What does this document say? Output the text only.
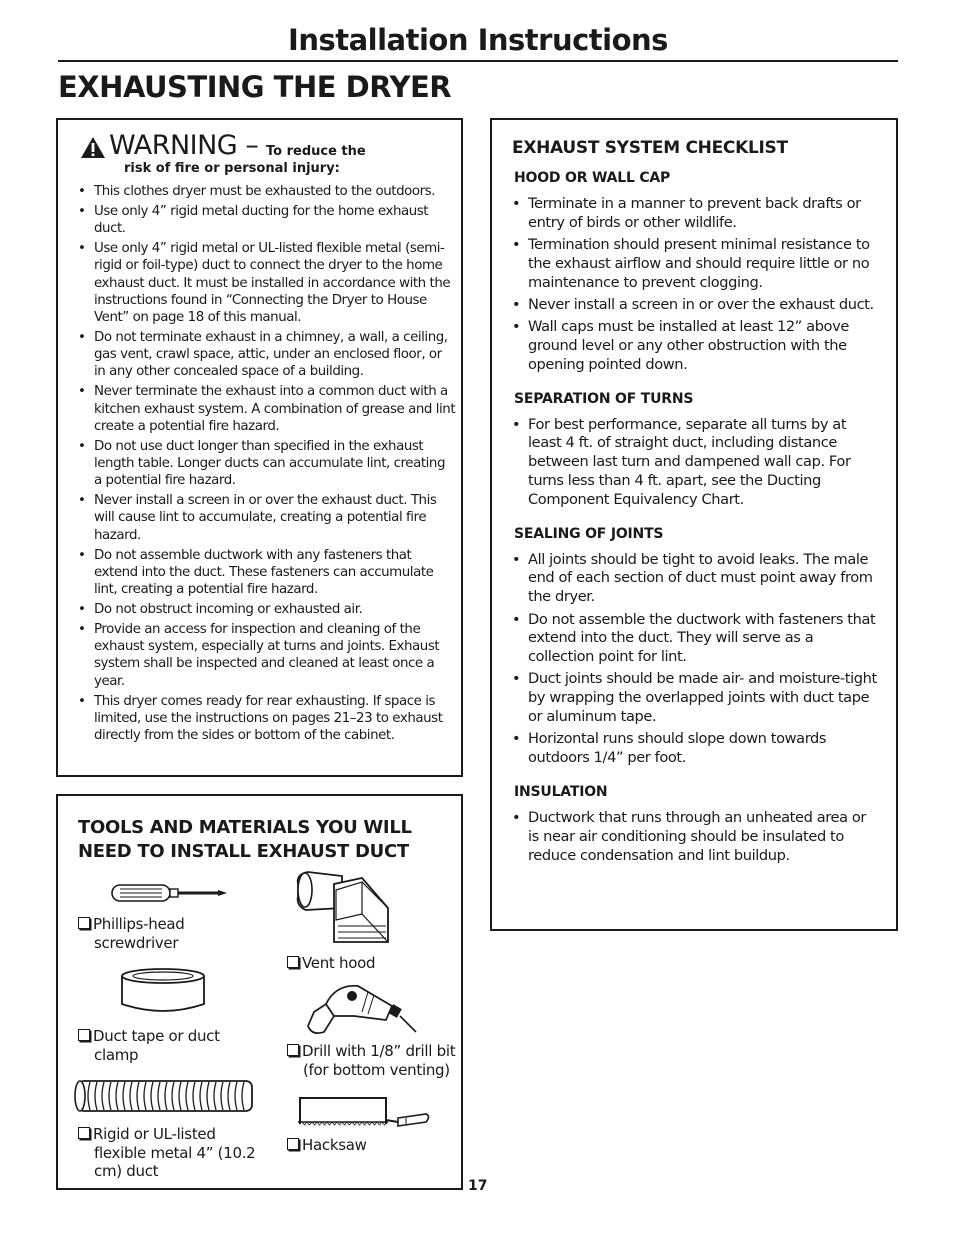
Installation Instructions
EXHAUSTING THE DRYER
WARNING – To reduce the
risk of fire or personal injury:
• This clothes dryer must be exhausted to the outdoors.
• Use only 4” rigid metal ducting for the home exhaust duct.
• Use only 4” rigid metal or UL-listed flexible metal (semi-rigid or foil-type) duct to connect the dryer to the home exhaust duct. It must be installed in accordance with the instructions found in “Connecting the Dryer to House Vent” on page 18 of this manual.
• Do not terminate exhaust in a chimney, a wall, a ceiling, gas vent, crawl space, attic, under an enclosed floor, or in any other concealed space of a building.
• Never terminate the exhaust into a common duct with a kitchen exhaust system. A combination of grease and lint create a potential fire hazard.
• Do not use duct longer than specified in the exhaust length table. Longer ducts can accumulate lint, creating a potential fire hazard.
• Never install a screen in or over the exhaust duct. This will cause lint to accumulate, creating a potential fire hazard.
• Do not assemble ductwork with any fasteners that extend into the duct. These fasteners can accumulate lint, creating a potential fire hazard.
• Do not obstruct incoming or exhausted air.
• Provide an access for inspection and cleaning of the exhaust system, especially at turns and joints. Exhaust system shall be inspected and cleaned at least once a year.
• This dryer comes ready for rear exhausting. If space is limited, use the instructions on pages 21–23 to exhaust directly from the sides or bottom of the cabinet.
TOOLS AND MATERIALS YOU WILL NEED TO INSTALL EXHAUST DUCT
Phillips-head
screwdriver
Duct tape or duct
clamp
Rigid or UL-listed
flexible metal 4” (10.2
cm) duct
Vent hood
Drill with 1/8” drill bit
(for bottom venting)
Hacksaw
EXHAUST SYSTEM CHECKLIST
HOOD OR WALL CAP
• Terminate in a manner to prevent back drafts or entry of birds or other wildlife.
• Termination should present minimal resistance to the exhaust airflow and should require little or no maintenance to prevent clogging.
• Never install a screen in or over the exhaust duct.
• Wall caps must be installed at least 12” above ground level or any other obstruction with the opening pointed down.
SEPARATION OF TURNS
• For best performance, separate all turns by at least 4 ft. of straight duct, including distance between last turn and dampened wall cap. For turns less than 4 ft. apart, see the Ducting Component Equivalency Chart.
SEALING OF JOINTS
• All joints should be tight to avoid leaks. The male end of each section of duct must point away from the dryer.
• Do not assemble the ductwork with fasteners that extend into the duct. They will serve as a collection point for lint.
• Duct joints should be made air- and moisture-tight by wrapping the overlapped joints with duct tape or aluminum tape.
• Horizontal runs should slope down towards outdoors 1/4” per foot.
INSULATION
• Ductwork that runs through an unheated area or is near air conditioning should be insulated to reduce condensation and lint buildup.
17
